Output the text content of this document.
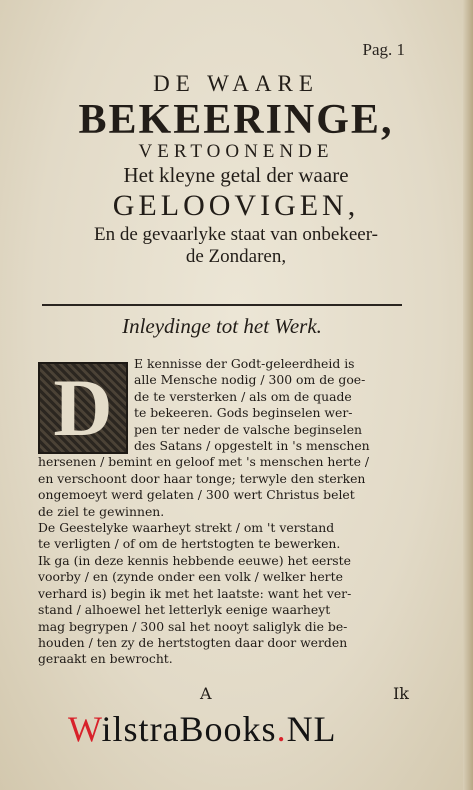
Pag. 1
DE WAARE
BEKEERINGE,
VERTOONENDE
Het kleyne getal der waare
GELOOVIGEN,
En de gevaarlyke staat van onbekeer-
de Zondaren,
Inleydinge tot het Werk.
D	E kennisse der Godt-geleerdheid is
alle Mensche nodig / 300 om de goe-
de te versterken / als om de quade
te bekeeren. Gods beginselen wer-
pen ter neder de valsche beginselen
des Satans / opgestelt in 's menschen
hersenen / bemint en geloof met 's menschen herte /
en verschoont door haar tonge; terwyle den sterken
ongemoeyt werd gelaten / 300 wert Christus belet
de ziel te gewinnen.
De Geestelyke waarheyt strekt / om 't verstand
te verligten / of om de hertstogten te bewerken.
Ik ga (in deze kennis hebbende eeuwe) het eerste
voorby / en (zynde onder een volk / welker herte
verhard is) begin ik met het laatste: want het ver-
stand / alhoewel het letterlyk eenige waarheyt
mag begrypen / 300 sal het nooyt saliglyk die be-
houden / ten zy de hertstogten daar door werden
geraakt en bewrocht.
A	Ik
WilstraBooks.NL
